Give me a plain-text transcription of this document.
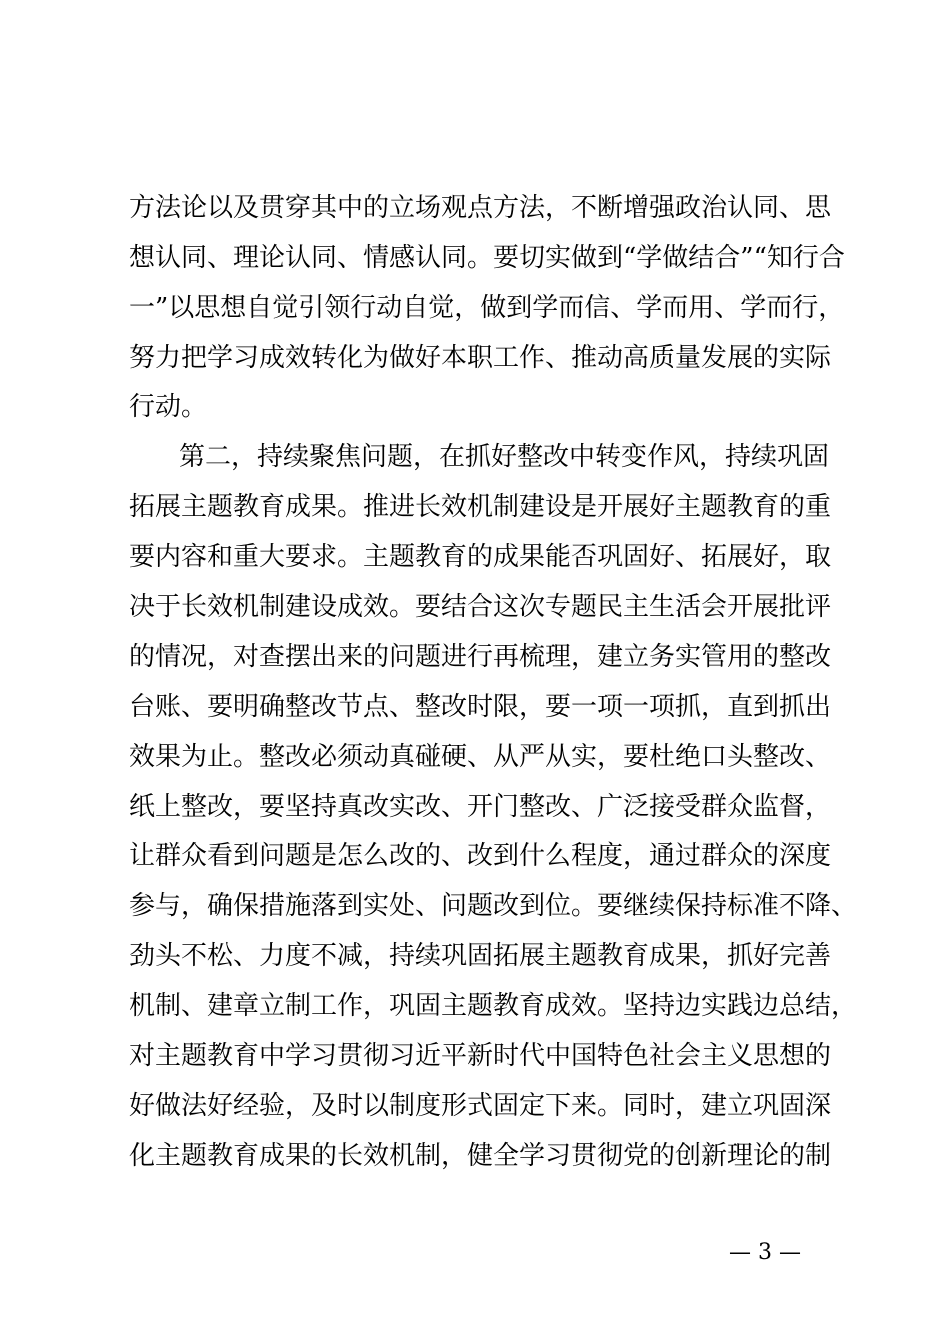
方法论以及贯穿其中的立场观点方法，不断增强政治认同、思
想认同、理论认同、情感认同。要切实做到“学做结合”“知行合
一”以思想自觉引领行动自觉，做到学而信、学而用、学而行，
努力把学习成效转化为做好本职工作、推动高质量发展的实际
行动。
第二，持续聚焦问题，在抓好整改中转变作风，持续巩固
拓展主题教育成果。推进长效机制建设是开展好主题教育的重
要内容和重大要求。主题教育的成果能否巩固好、拓展好，取
决于长效机制建设成效。要结合这次专题民主生活会开展批评
的情况，对查摆出来的问题进行再梳理，建立务实管用的整改
台账、要明确整改节点、整改时限，要一项一项抓，直到抓出
效果为止。整改必须动真碰硬、从严从实，要杜绝口头整改、
纸上整改，要坚持真改实改、开门整改、广泛接受群众监督，
让群众看到问题是怎么改的、改到什么程度，通过群众的深度
参与，确保措施落到实处、问题改到位。要继续保持标准不降、
劲头不松、力度不减，持续巩固拓展主题教育成果，抓好完善
机制、建章立制工作，巩固主题教育成效。坚持边实践边总结，
对主题教育中学习贯彻习近平新时代中国特色社会主义思想的
好做法好经验，及时以制度形式固定下来。同时，建立巩固深
化主题教育成果的长效机制，健全学习贯彻党的创新理论的制
— 3 —
